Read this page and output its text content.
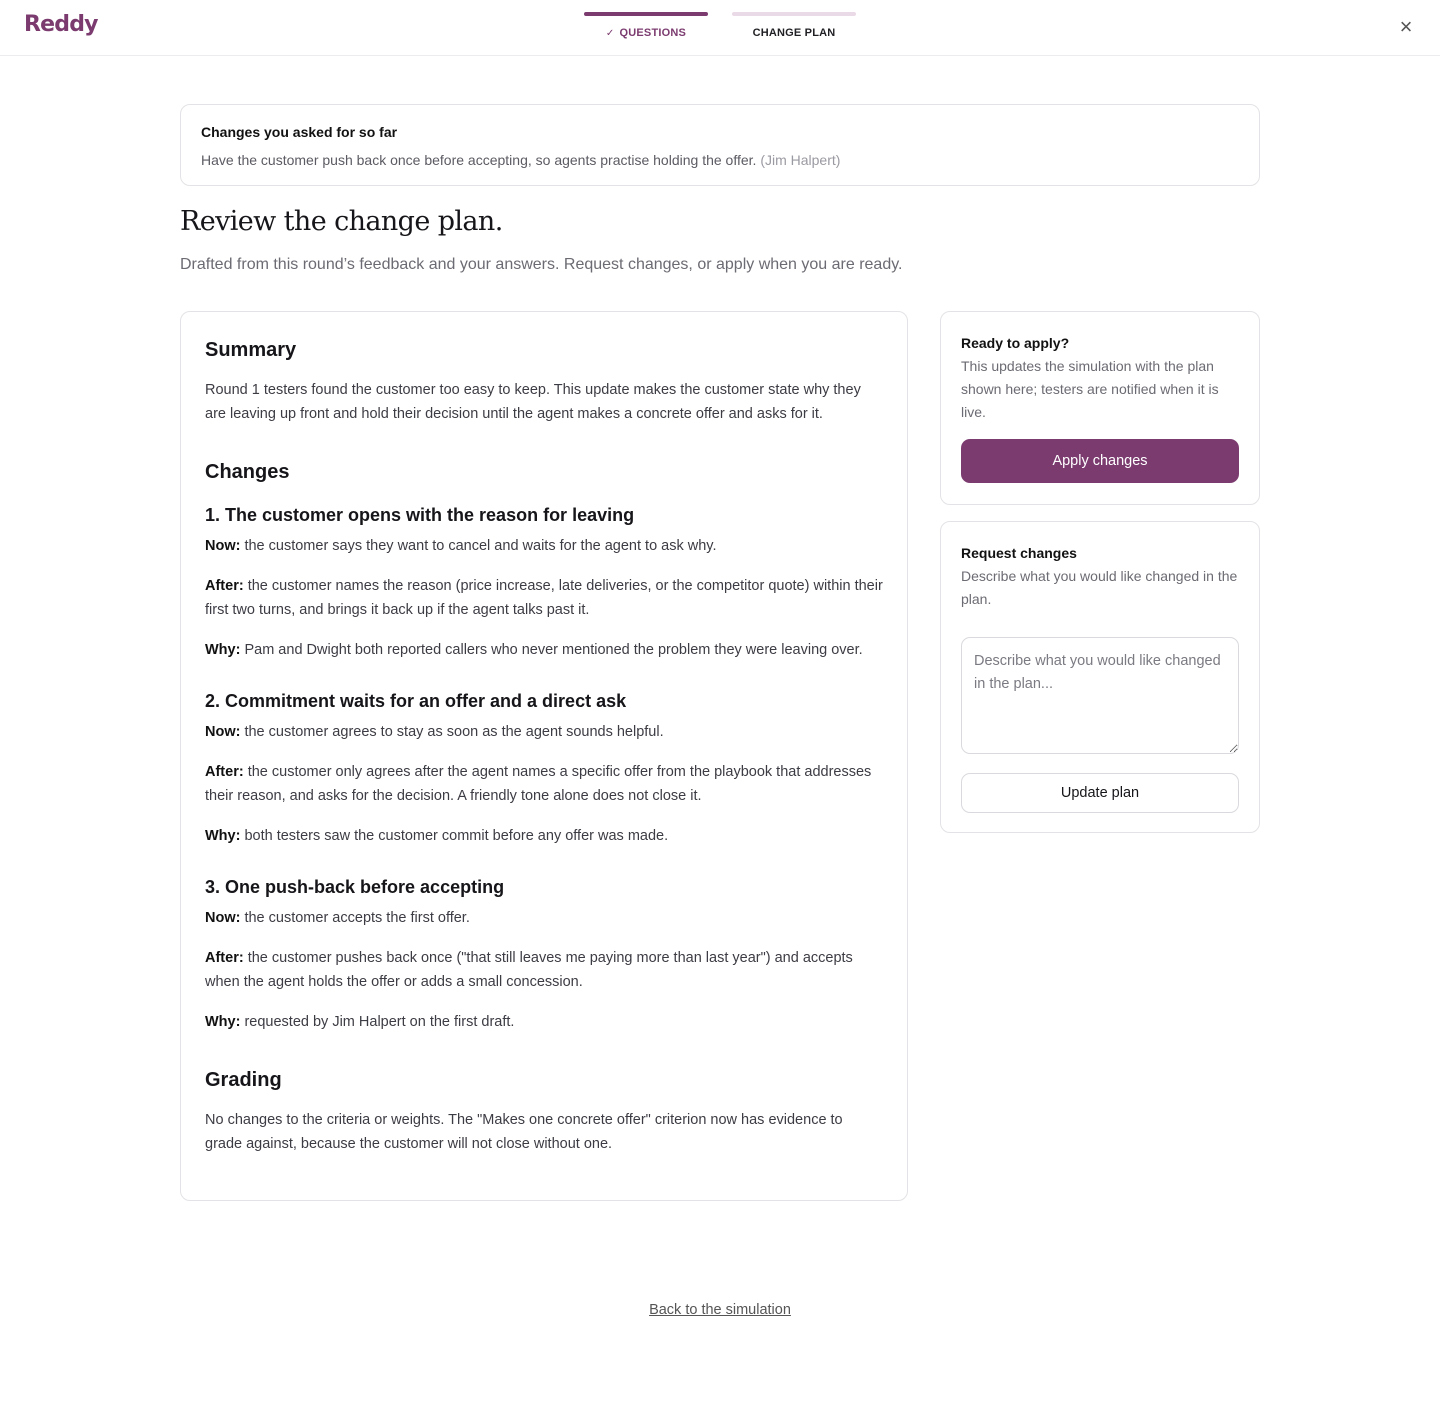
Reddy	✓ QUESTIONS	CHANGE PLAN	×
Changes you asked for so far

Have the customer push back once before accepting, so agents practise holding the offer. (Jim Halpert)

Review the change plan.
Drafted from this round’s feedback and your answers. Request changes, or apply when you are ready.
Summary

Round 1 testers found the customer too easy to keep. This update makes the customer state why they are leaving up front and hold their decision until the agent makes a concrete offer and asks for it.

Changes
1. The customer opens with the reason for leaving

Now: the customer says they want to cancel and waits for the agent to ask why.

After: the customer names the reason (price increase, late deliveries, or the competitor quote) within their first two turns, and brings it back up if the agent talks past it.

Why: Pam and Dwight both reported callers who never mentioned the problem they were leaving over.

2. Commitment waits for an offer and a direct ask

Now: the customer agrees to stay as soon as the agent sounds helpful.

After: the customer only agrees after the agent names a specific offer from the playbook that addresses their reason, and asks for the decision. A friendly tone alone does not close it.

Why: both testers saw the customer commit before any offer was made.

3. One push-back before accepting

Now: the customer accepts the first offer.

After: the customer pushes back once ("that still leaves me paying more than last year") and accepts when the agent holds the offer or adds a small concession.

Why: requested by Jim Halpert on the first draft.

Grading

No changes to the criteria or weights. The "Makes one concrete offer" criterion now has evidence to grade against, because the customer will not close without one.

Ready to apply?

This updates the simulation with the plan shown here; testers are notified when it is live.

Apply changes
Request changes

Describe what you would like changed in the plan.

Describe what you would like changed in the plan...
Update plan
Back to the simulation
